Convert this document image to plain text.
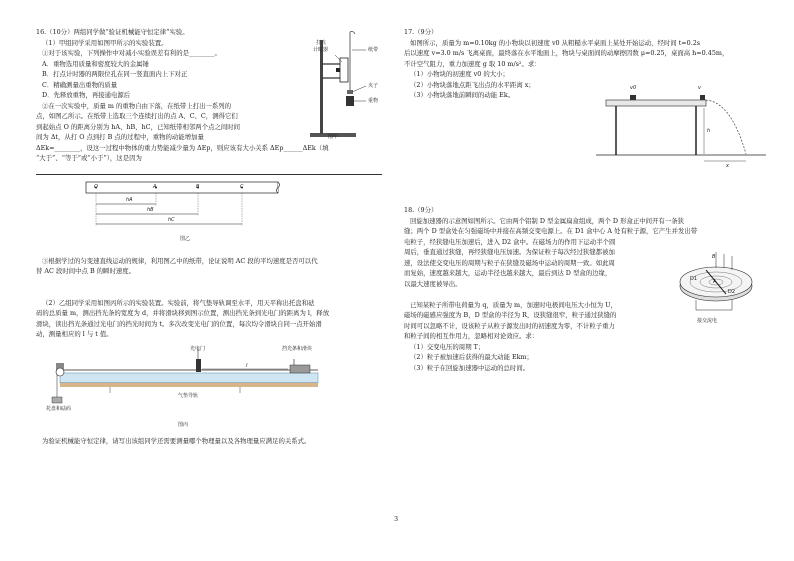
16.（10分）两组同学做“验证机械能守恒定律”实验。
（1）甲组同学采用如图甲所示的实验装置。
①对于该实验，下列操作中对减小实验误差有利的是________。
A．重物选用质量和密度较大的金属锤
B．打点计时器的两限位孔在同一竖直面内上下对正
C．精确测量出重物的质量
D．先释放重物，再接通电源后
②在一次实验中，质量 m 的重物自由下落，在纸带上打出一系列的
点，如图乙所示。在纸带上选取三个连续打出的点 A、C、C，测得它们
到起始点 O 的距离分别为 hA、hB、hC，已知纸带相邻两个点之间时间
间为 Δt，从打 O 点到打 B 点的过程中，重物的动能增加量
ΔEk=________，设这一过程中物体的重力势能减少量为 ΔEp，则应该有大小关系 ΔEp______ΔEk（填
“大于”、“等于”或“小于”），这是因为
打点
计时器	纸带
夹子
重物
图甲
O	A	B	C
hA
hB
hC
图乙
③根据学过的匀变速直线运动的规律，利用图乙中的纸带，论证说明 AC 段的平均速度是否可以代
替 AC 段时间中点 B 的瞬时速度。
（2）乙组同学采用如图丙所示的实验装置。实验前，将气垫导轨调至水平，用天平称出托盘和砝
码的总质量 m，测出挡光条的宽度为 d，并将滑块移到图示位置，测出挡光条到光电门的距离为 l，释放
滑块，读出挡光条通过光电门的挡光时间为 t。多次改变光电门的位置，每次均令滑块自同一点开始滑
动，测量相应的 l 与 t 值。
光电门	挡光条和滑块
l
气垫导轨
托盘和砝码
图丙
为验证机械能守恒定律，请写出该组同学还需要测量哪个物理量以及各物理量应满足的关系式。
17.（9分）
如图所示，质量为 m=0.10kg 的小物块以初速度 v0 从粗糙水平桌面上某处开始运动，经时间 t=0.2s
后以速度 v=3.0 m/s 飞离桌面，最终落在水平地面上，物块与桌面间的动摩擦因数 μ=0.25，桌面高 h=0.45m，
不计空气阻力，重力加速度 g 取 10 m/s²。求：
（1）小物块的初速度 v0 的大小；
（2）小物块落地点距飞出点的水平距离 x；
（3）小物块落地前瞬间的动能 Ek。
v0	v
h
x
18.（9分）
回旋加速器的示意图如图所示。它由两个铝制 D 型金属扁盒组成，两个 D 形盒正中间开有一条狭
缝；两个 D 型盒处在匀强磁场中并接在高频交变电源上。在 D1 盒中心 A 处有粒子源，它产生并发出带
电粒子，经狭缝电压加速后，进入 D2 盒中。在磁场力的作用下运动半个圆
周后，垂直通过狭缝，再经狭缝电压加速。为保证粒子每次经过狭缝都被加
速，设法使交变电压的周期与粒子在狭缝及磁场中运动的周期一致。如此周
而复始，速度越来越大，运动半径也越来越大，最后到达 D 型盒的边缘，
以最大速度被导出。
已知某粒子所带电荷量为 q，质量为 m，加速时电极间电压大小恒为 U，
磁场的磁感应强度为 B，D 型盒的半径为 R，设狭缝很窄，粒子通过狭缝的
时间可以忽略不计，设该粒子从粒子源发出时的初速度为零，不计粒子重力
和粒子间的相互作用力，忽略相对论效应。求：
（1）交变电压的周期 T；
（2）粒子被加速后获得的最大动能 Ekm；
（3）粒子在回旋加速器中运动的总时间。
B
D1
D2
A
接交流电
3
